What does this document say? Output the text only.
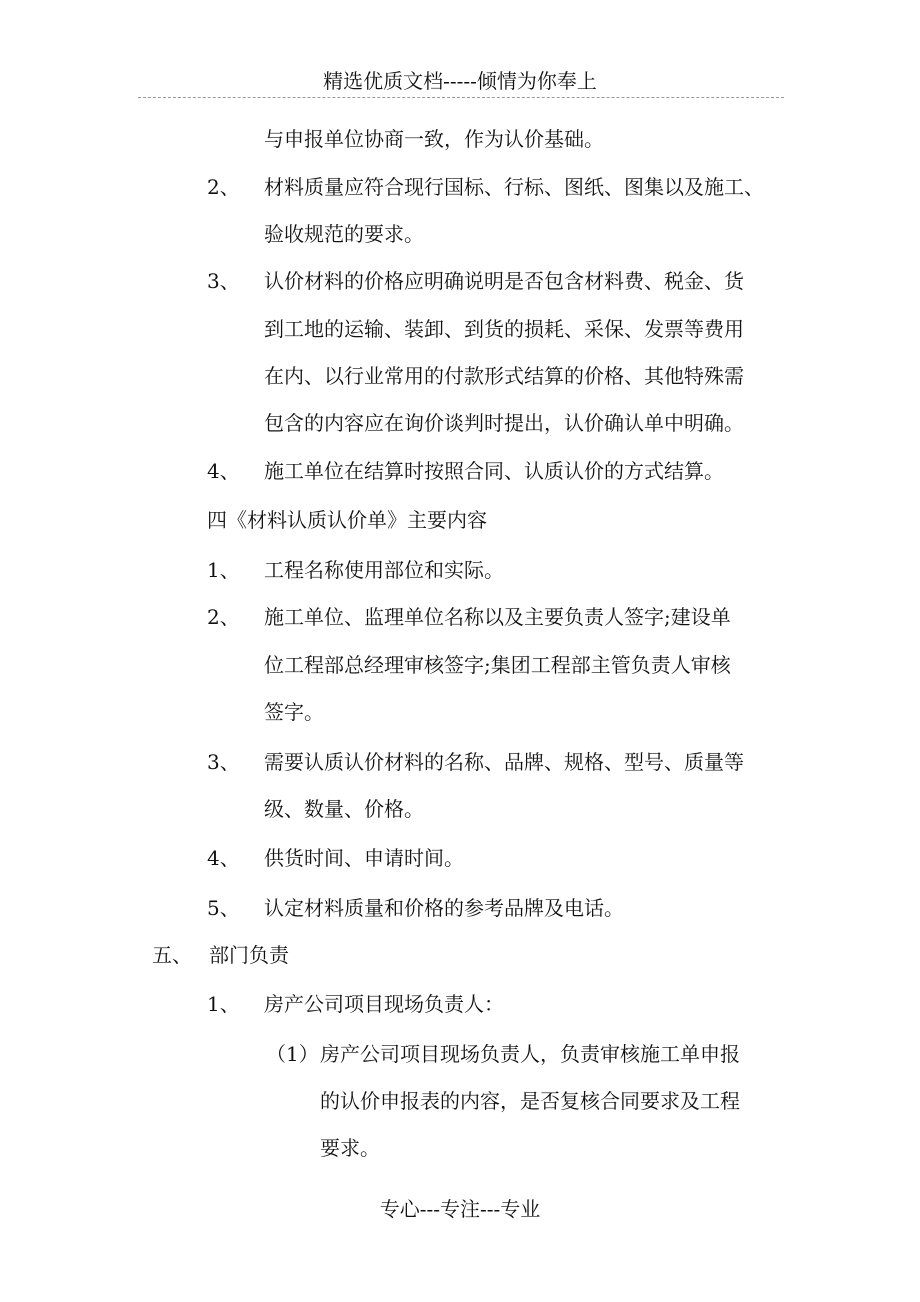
精选优质文档-----倾情为你奉上
与申报单位协商一致，作为认价基础。
2、 材料质量应符合现行国标、行标、图纸、图集以及施工、
验收规范的要求。
3、 认价材料的价格应明确说明是否包含材料费、税金、货
到工地的运输、装卸、到货的损耗、采保、发票等费用
在内、以行业常用的付款形式结算的价格、其他特殊需
包含的内容应在询价谈判时提出，认价确认单中明确。
4、 施工单位在结算时按照合同、认质认价的方式结算。
四《材料认质认价单》主要内容
1、 工程名称使用部位和实际。
2、 施工单位、监理单位名称以及主要负责人签字;建设单
位工程部总经理审核签字;集团工程部主管负责人审核
签字。
3、 需要认质认价材料的名称、品牌、规格、型号、质量等
级、数量、价格。
4、 供货时间、申请时间。
5、 认定材料质量和价格的参考品牌及电话。
五、 部门负责
1、 房产公司项目现场负责人：
（1） 房产公司项目现场负责人，负责审核施工单申报
的认价申报表的内容，是否复核合同要求及工程
要求。
专心---专注---专业
